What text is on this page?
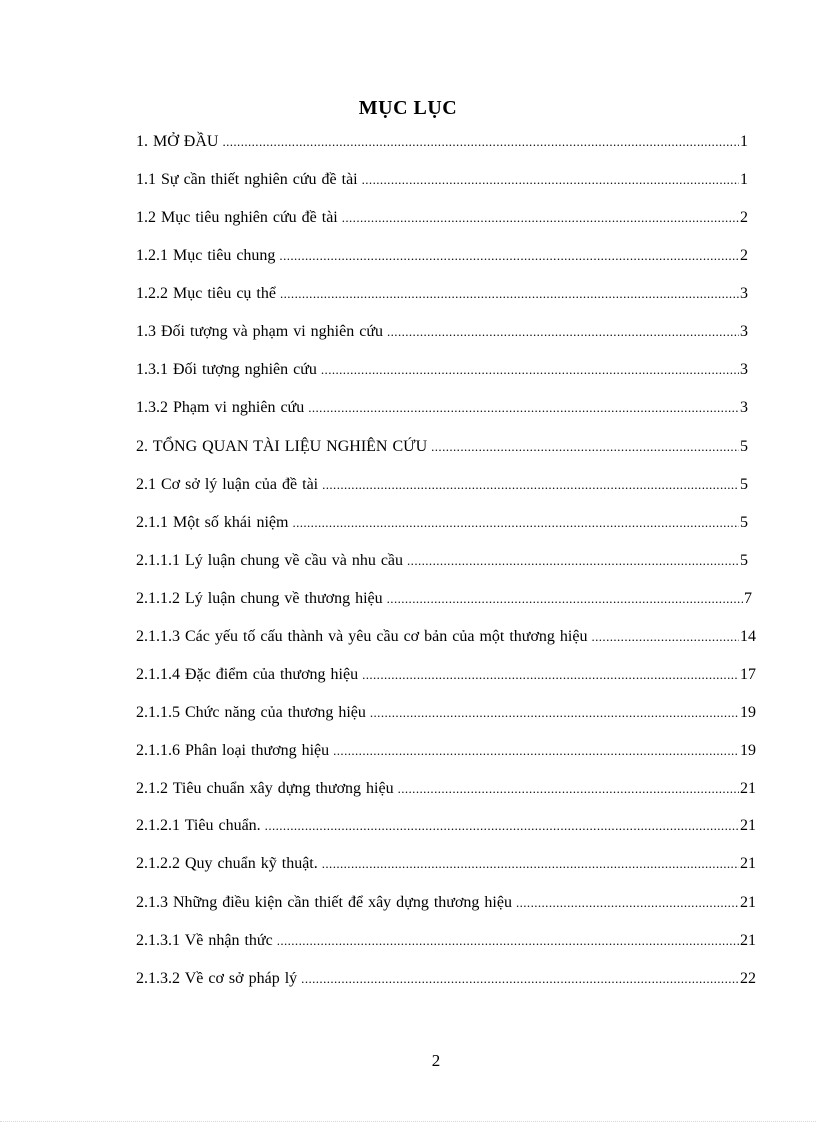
MỤC LỤC
1. MỞ ĐẦU .....	1
1.1 Sự cần thiết nghiên cứu đề tài .....	1
1.2 Mục tiêu nghiên cứu đề tài .....	2
1.2.1 Mục tiêu chung .....	2
1.2.2 Mục tiêu cụ thể .....	3
1.3 Đối tượng và phạm vi nghiên cứu .....	3
1.3.1 Đối tượng nghiên cứu .....	3
1.3.2 Phạm vi nghiên cứu .....	3
2. TỔNG QUAN TÀI LIỆU NGHIÊN CỨU .....	5
2.1 Cơ sở lý luận của đề tài .....	5
2.1.1 Một số khái niệm .....	5
2.1.1.1 Lý luận chung về cầu và nhu cầu .....	5
2.1.1.2 Lý luận chung về thương hiệu .....	7
2.1.1.3 Các yếu tố cấu thành và yêu cầu cơ bản của một thương hiệu .....	14
2.1.1.4 Đặc điểm của thương hiệu .....	17
2.1.1.5 Chức năng của thương hiệu .....	19
2.1.1.6 Phân loại thương hiệu .....	19
2.1.2 Tiêu chuẩn xây dựng thương hiệu .....	21
2.1.2.1 Tiêu chuẩn. .....	21
2.1.2.2 Quy chuẩn kỹ thuật. .....	21
2.1.3 Những điều kiện cần thiết để xây dựng thương hiệu .....	21
2.1.3.1 Về nhận thức .....	21
2.1.3.2 Về cơ sở pháp lý .....	22
2
